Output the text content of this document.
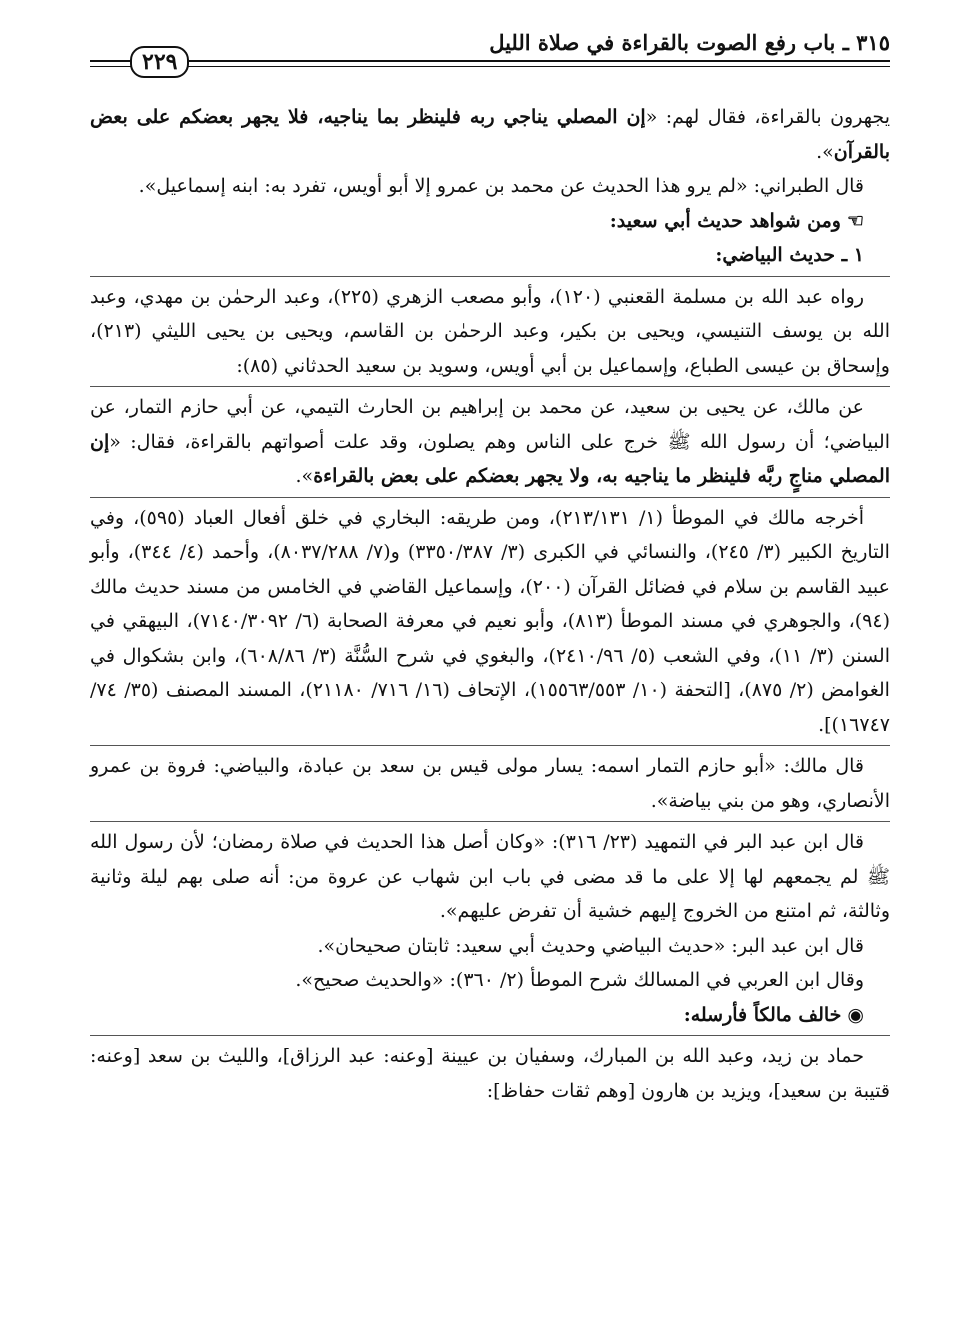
٣١٥ ـ باب رفع الصوت بالقراءة في صلاة الليل
٢٢٩

يجهرون بالقراءة، فقال لهم: «إن المصلي يناجي ربه فلينظر بما يناجيه، فلا يجهر بعضكم على بعض بالقرآن».

قال الطبراني: «لم يرو هذا الحديث عن محمد بن عمرو إلا أبو أويس، تفرد به: ابنه إسماعيل».

☜ومن شواهد حديث أبي سعيد:

١ ـ حديث البياضي:

رواه عبد الله بن مسلمة القعنبي (١٢٠)، وأبو مصعب الزهري (٢٢٥)، وعبد الرحمٰن بن مهدي، وعبد الله بن يوسف التنيسي، ويحيى بن بكير، وعبد الرحمٰن بن القاسم، ويحيى بن يحيى الليثي (٢١٣)، وإسحاق بن عيسى الطباع، وإسماعيل بن أبي أويس، وسويد بن سعيد الحدثاني (٨٥):

عن مالك، عن يحيى بن سعيد، عن محمد بن إبراهيم بن الحارث التيمي، عن أبي حازم التمار، عن البياضي؛ أن رسول الله ﷺ خرج على الناس وهم يصلون، وقد علت أصواتهم بالقراءة، فقال: «إن المصلي مناجٍ ربَّه فلينظر ما يناجيه به، ولا يجهر بعضكم على بعض بالقراءة».

أخرجه مالك في الموطأ (١/ ٢١٣/١٣١)، ومن طريقه: البخاري في خلق أفعال العباد (٥٩٥)، وفي التاريخ الكبير (٣/ ٢٤٥)، والنسائي في الكبرى (٣/ ٣٣٥٠/٣٨٧) و(٧/ ٨٠٣٧/٢٨٨)، وأحمد (٤/ ٣٤٤)، وأبو عبيد القاسم بن سلام في فضائل القرآن (٢٠٠)، وإسماعيل القاضي في الخامس من مسند حديث مالك (٩٤)، والجوهري في مسند الموطأ (٨١٣)، وأبو نعيم في معرفة الصحابة (٦/ ٧١٤٠/٣٠٩٢)، البيهقي في السنن (٣/ ١١)، وفي الشعب (٥/ ٢٤١٠/٩٦)، والبغوي في شرح السُّنَّة (٣/ ٦٠٨/٨٦)، وابن بشكوال في الغوامض (٢/ ٨٧٥)، [التحفة (١٠/ ١٥٥٦٣/٥٥٣)، الإتحاف (١٦/ ٧١٦/ ٢١١٨٠)، المسند المصنف (٣٥/ ٧٤/ ١٦٧٤٧)].

قال مالك: «أبو حازم التمار اسمه: يسار مولى قيس بن سعد بن عبادة، والبياضي: فروة بن عمرو الأنصاري، وهو من بني بياضة».

قال ابن عبد البر في التمهيد (٢٣/ ٣١٦): «وكان أصل هذا الحديث في صلاة رمضان؛ لأن رسول الله ﷺ لم يجمعهم لها إلا على ما قد مضى في باب ابن شهاب عن عروة من: أنه صلى بهم ليلة وثانية وثالثة، ثم امتنع من الخروج إليهم خشية أن تفرض عليهم».

قال ابن عبد البر: «حديث البياضي وحديث أبي سعيد: ثابتان صحيحان».

وقال ابن العربي في المسالك شرح الموطأ (٢/ ٣٦٠): «والحديث صحيح».

◉خالف مالكاً فأرسله:

حماد بن زيد، وعبد الله بن المبارك، وسفيان بن عيينة [وعنه: عبد الرزاق]، والليث بن سعد [وعنه: قتيبة بن سعيد]، ويزيد بن هارون [وهم ثقات حفاظ]:
